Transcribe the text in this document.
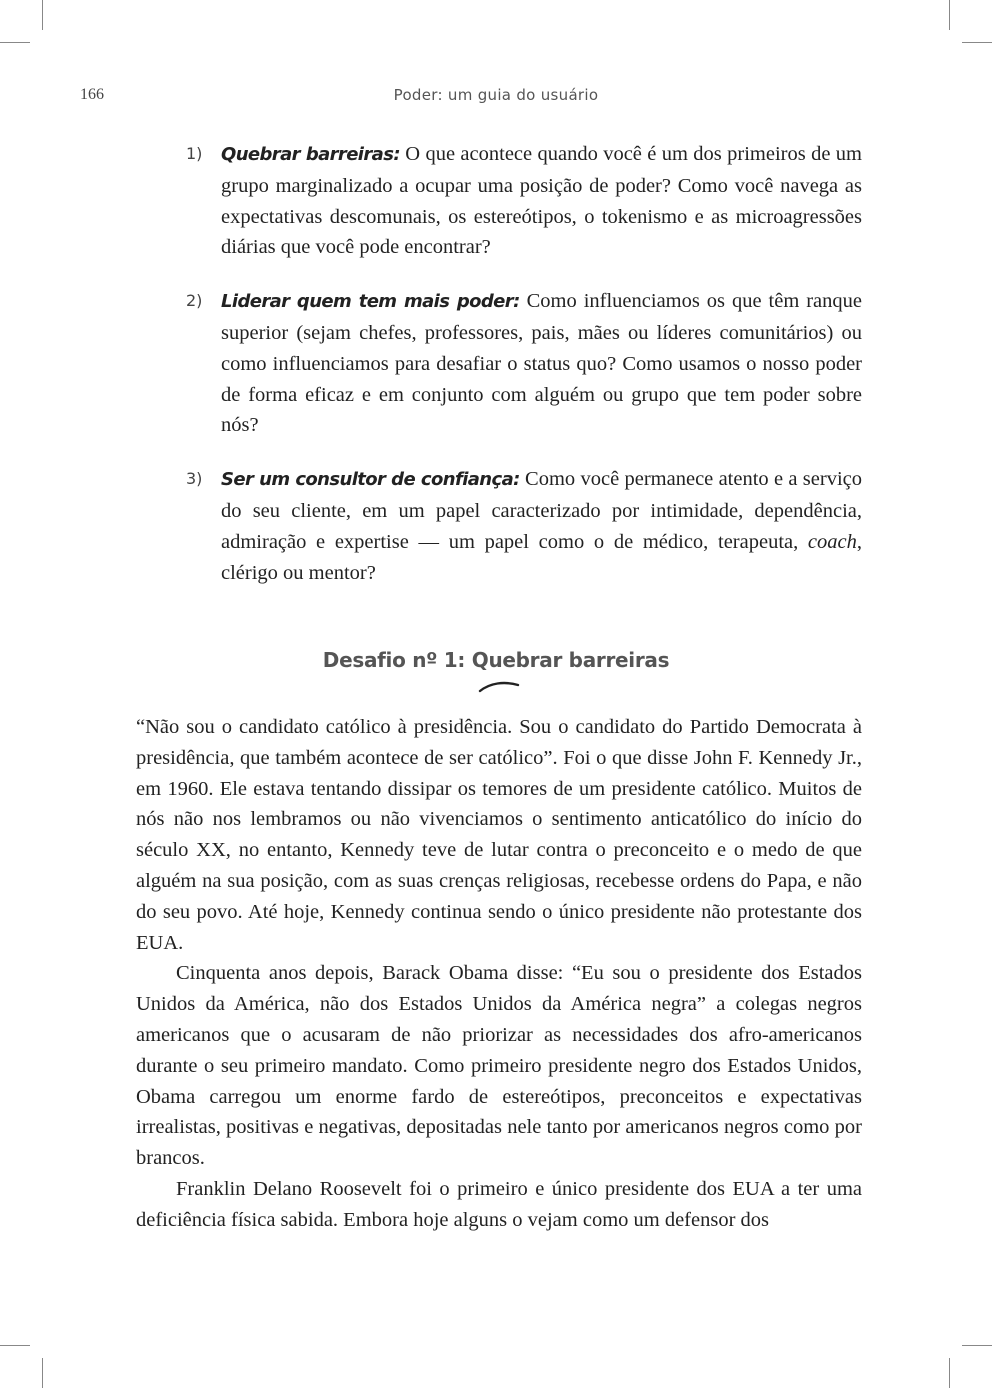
166	Poder: um guia do usuário
1) Quebrar barreiras: O que acontece quando você é um dos primeiros de um grupo marginalizado a ocupar uma posição de poder? Como você navega as expectativas descomunais, os estereótipos, o tokenismo e as microagressões diárias que você pode encontrar?
2) Liderar quem tem mais poder: Como influenciamos os que têm ranque superior (sejam chefes, professores, pais, mães ou líderes comunitários) ou como influenciamos para desafiar o status quo? Como usamos o nosso poder de forma eficaz e em conjunto com alguém ou grupo que tem poder sobre nós?
3) Ser um consultor de confiança: Como você permanece atento e a serviço do seu cliente, em um papel caracterizado por intimidade, dependência, admiração e expertise — um papel como o de médico, terapeuta, coach, clérigo ou mentor?
Desafio nº 1: Quebrar barreiras

“Não sou o candidato católico à presidência. Sou o candidato do Partido Democrata à presidência, que também acontece de ser católico”. Foi o que disse John F. Kennedy Jr., em 1960. Ele estava tentando dissipar os temores de um presidente católico. Muitos de nós não nos lembramos ou não vivenciamos o sentimento anticatólico do início do século XX, no entanto, Kennedy teve de lutar contra o preconceito e o medo de que alguém na sua posição, com as suas crenças religiosas, recebesse ordens do Papa, e não do seu povo. Até hoje, Kennedy continua sendo o único presidente não protestante dos EUA.

Cinquenta anos depois, Barack Obama disse: “Eu sou o presidente dos Estados Unidos da América, não dos Estados Unidos da América negra” a colegas negros americanos que o acusaram de não priorizar as necessidades dos afro-americanos durante o seu primeiro mandato. Como primeiro presidente negro dos Estados Unidos, Obama carregou um enorme fardo de estereótipos, preconceitos e expectativas irrealistas, positivas e negativas, depositadas nele tanto por americanos negros como por brancos.

Franklin Delano Roosevelt foi o primeiro e único presidente dos EUA a ter uma deficiência física sabida. Embora hoje alguns o vejam como um defensor dos
